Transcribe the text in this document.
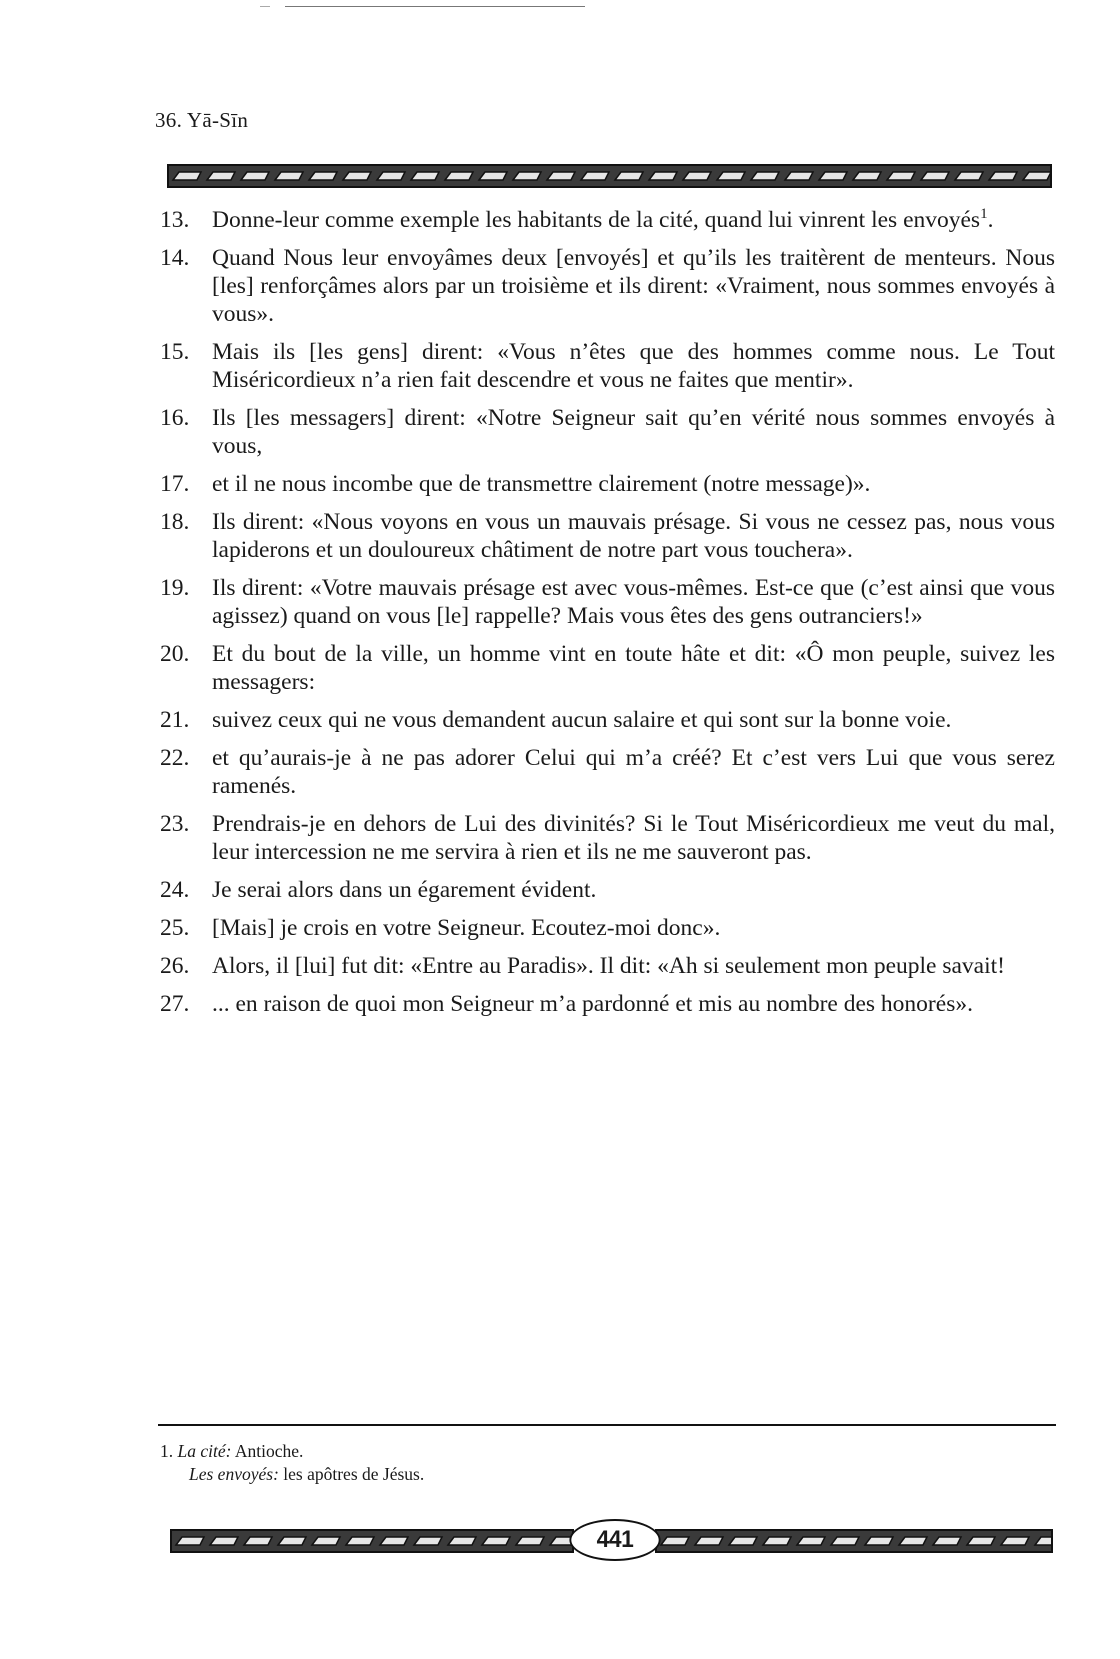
36. Yā-Sīn
13. Donne-leur comme exemple les habitants de la cité, quand lui vinrent les envoyés$^1$.
14. Quand Nous leur envoyâmes deux [envoyés] et qu’ils les traitèrent de menteurs. Nous [les] renforçâmes alors par un troisième et ils dirent: «Vraiment, nous sommes envoyés à vous».
15. Mais ils [les gens] dirent: «Vous n’êtes que des hommes comme nous. Le Tout Miséricordieux n’a rien fait descendre et vous ne faites que mentir».
16. Ils [les messagers] dirent: «Notre Seigneur sait qu’en vérité nous sommes envoyés à vous,
17. et il ne nous incombe que de transmettre clairement (notre message)».
18. Ils dirent: «Nous voyons en vous un mauvais présage. Si vous ne cessez pas, nous vous lapiderons et un douloureux châtiment de notre part vous touchera».
19. Ils dirent: «Votre mauvais présage est avec vous-mêmes. Est-ce que (c’est ainsi que vous agissez) quand on vous [le] rappelle? Mais vous êtes des gens outranciers!»
20. Et du bout de la ville, un homme vint en toute hâte et dit: «Ô mon peuple, suivez les messagers:
21. suivez ceux qui ne vous demandent aucun salaire et qui sont sur la bonne voie.
22. et qu’aurais-je à ne pas adorer Celui qui m’a créé? Et c’est vers Lui que vous serez ramenés.
23. Prendrais-je en dehors de Lui des divinités? Si le Tout Miséricordieux me veut du mal, leur intercession ne me servira à rien et ils ne me sauveront pas.
24. Je serai alors dans un égarement évident.
25. [Mais] je crois en votre Seigneur. Ecoutez-moi donc».
26. Alors, il [lui] fut dit: «Entre au Paradis». Il dit: «Ah si seulement mon peuple savait!
27. ... en raison de quoi mon Seigneur m’a pardonné et mis au nombre des honorés».
1. La cité: Antioche.
Les envoyés: les apôtres de Jésus.
441
